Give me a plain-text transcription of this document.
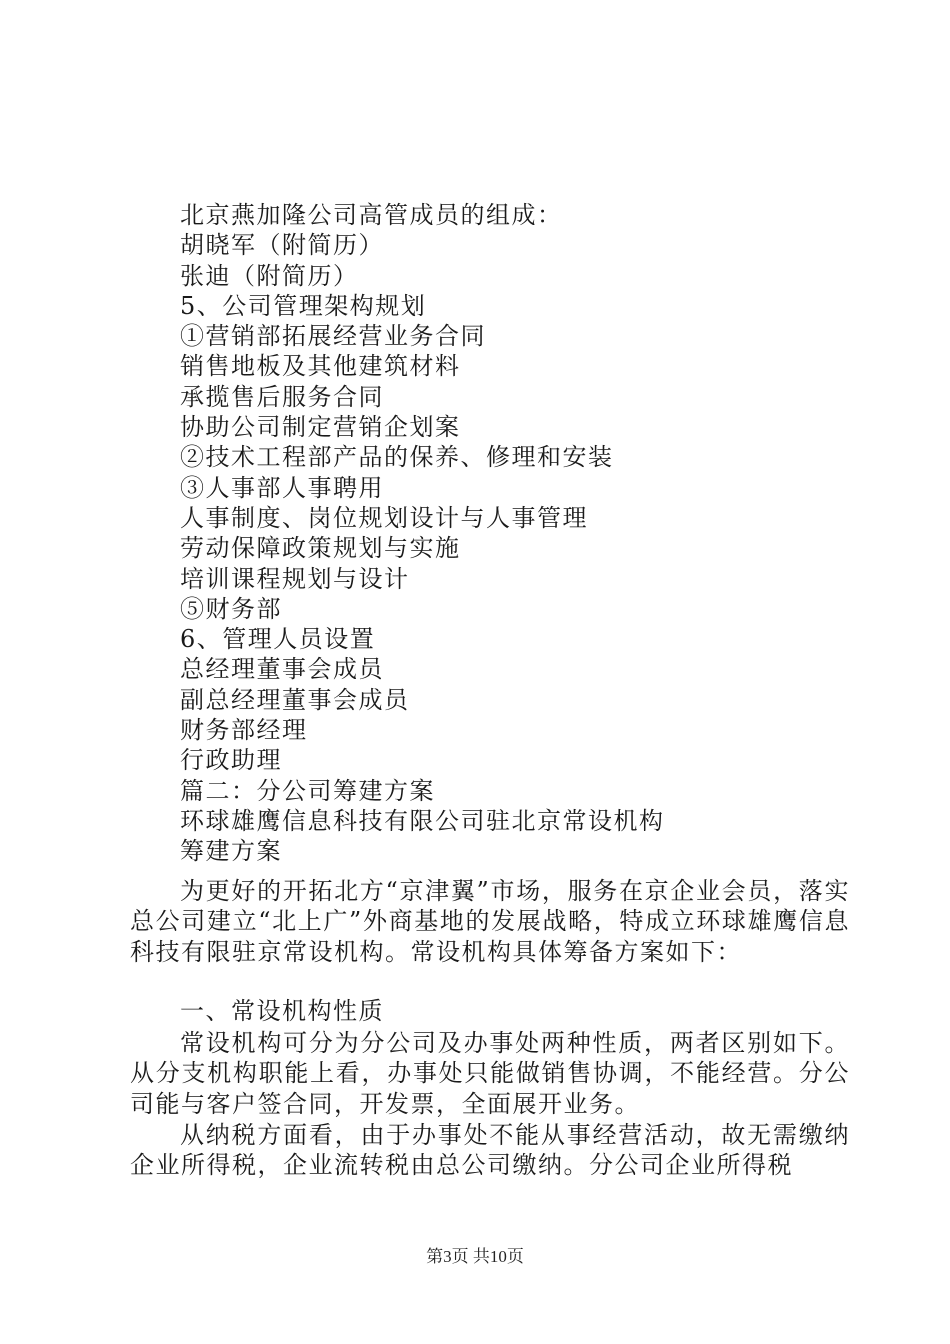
北京燕加隆公司高管成员的组成：
胡晓军（附简历）
张迪（附简历）
5、公司管理架构规划
①营销部拓展经营业务合同
销售地板及其他建筑材料
承揽售后服务合同
协助公司制定营销企划案
②技术工程部产品的保养、修理和安装
③人事部人事聘用
人事制度、岗位规划设计与人事管理
劳动保障政策规划与实施
培训课程规划与设计
⑤财务部
6、管理人员设置
总经理董事会成员
副总经理董事会成员
财务部经理
行政助理
篇二：分公司筹建方案
环球雄鹰信息科技有限公司驻北京常设机构
筹建方案
为更好的开拓北方“京津翼”市场，服务在京企业会员，落实总公司建立“北上广”外商基地的发展战略，特成立环球雄鹰信息科技有限驻京常设机构。常设机构具体筹备方案如下：
一、常设机构性质
常设机构可分为分公司及办事处两种性质，两者区别如下。从分支机构职能上看，办事处只能做销售协调，不能经营。分公司能与客户签合同，开发票，全面展开业务。
从纳税方面看，由于办事处不能从事经营活动，故无需缴纳企业所得税，企业流转税由总公司缴纳。分公司企业所得税
第3页 共10页
